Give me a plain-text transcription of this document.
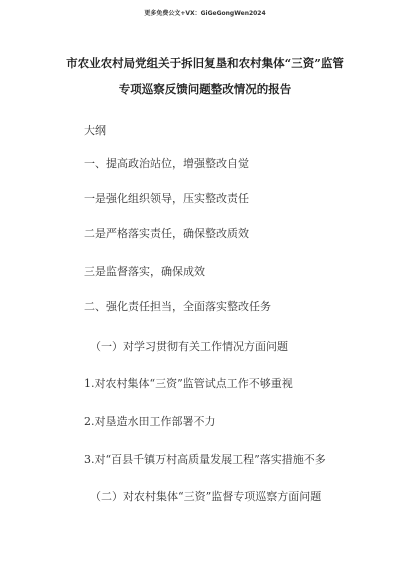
更多免费公文+VX：GiGeGongWen2024
市农业农村局党组关于拆旧复垦和农村集体“三资”监管
专项巡察反馈问题整改情况的报告
大纲
一、提高政治站位，增强整改自觉
一是强化组织领导，压实整改责任
二是严格落实责任，确保整改质效
三是监督落实，确保成效
二、强化责任担当，全面落实整改任务
（一）对学习贯彻有关工作情况方面问题
1.对农村集体“三资”监管试点工作不够重视
2.对垦造水田工作部署不力
3.对“百县千镇万村高质量发展工程”落实措施不多
（二）对农村集体“三资”监督专项巡察方面问题
